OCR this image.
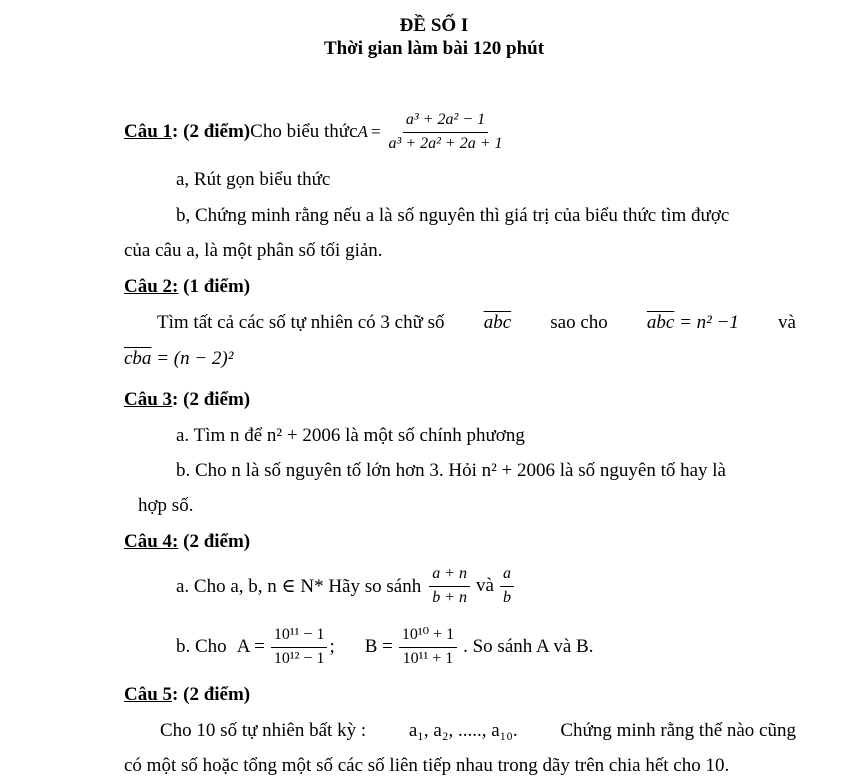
ĐỀ SỐ I
Thời gian làm bài 120 phút
Câu 1 : (2 điểm) Cho biểu thức $A = \frac{\text{a³ + 2a² − 1}}{\text{a³ + 2a² + 2a + 1}}$
a, Rút gọn biểu thức
b, Chứng minh rằng nếu a là số nguyên thì giá trị của biểu thức tìm được
của câu a, là một phân số tối giản.
Câu 2: (1 điểm)
Tìm tất cả các số tự nhiên có 3 chữ số $\overline{abc}$ sao cho $\overline{abc} = n^2 -1$ và
$\overline{cba} = (n - 2)^2$
Câu 3: (2 điểm)
a. Tìm n để n² + 2006 là một số chính phương
b. Cho n là số nguyên tố lớn hơn 3. Hỏi n² + 2006 là số nguyên tố hay là
hợp số.
Câu 4: (2 điểm)
a. Cho a, b, n ∈ N* Hãy so sánh $\frac{a + n}{b + n}$ và $\frac{a}{b}$
b. Cho $A = \frac{\text{10¹¹ − 1}}{\text{10¹² − 1}}$ ; $B = \frac{\text{10¹⁰ + 1}}{\text{10¹¹ + 1}}$ . So sánh A và B.
Câu 5: (2 điểm)
Cho 10 số tự nhiên bất kỳ : a₁, a₂, ....., a₁₀. Chứng minh rằng thế nào cũng
có một số hoặc tổng một số các số liên tiếp nhau trong dãy trên chia hết cho 10.
